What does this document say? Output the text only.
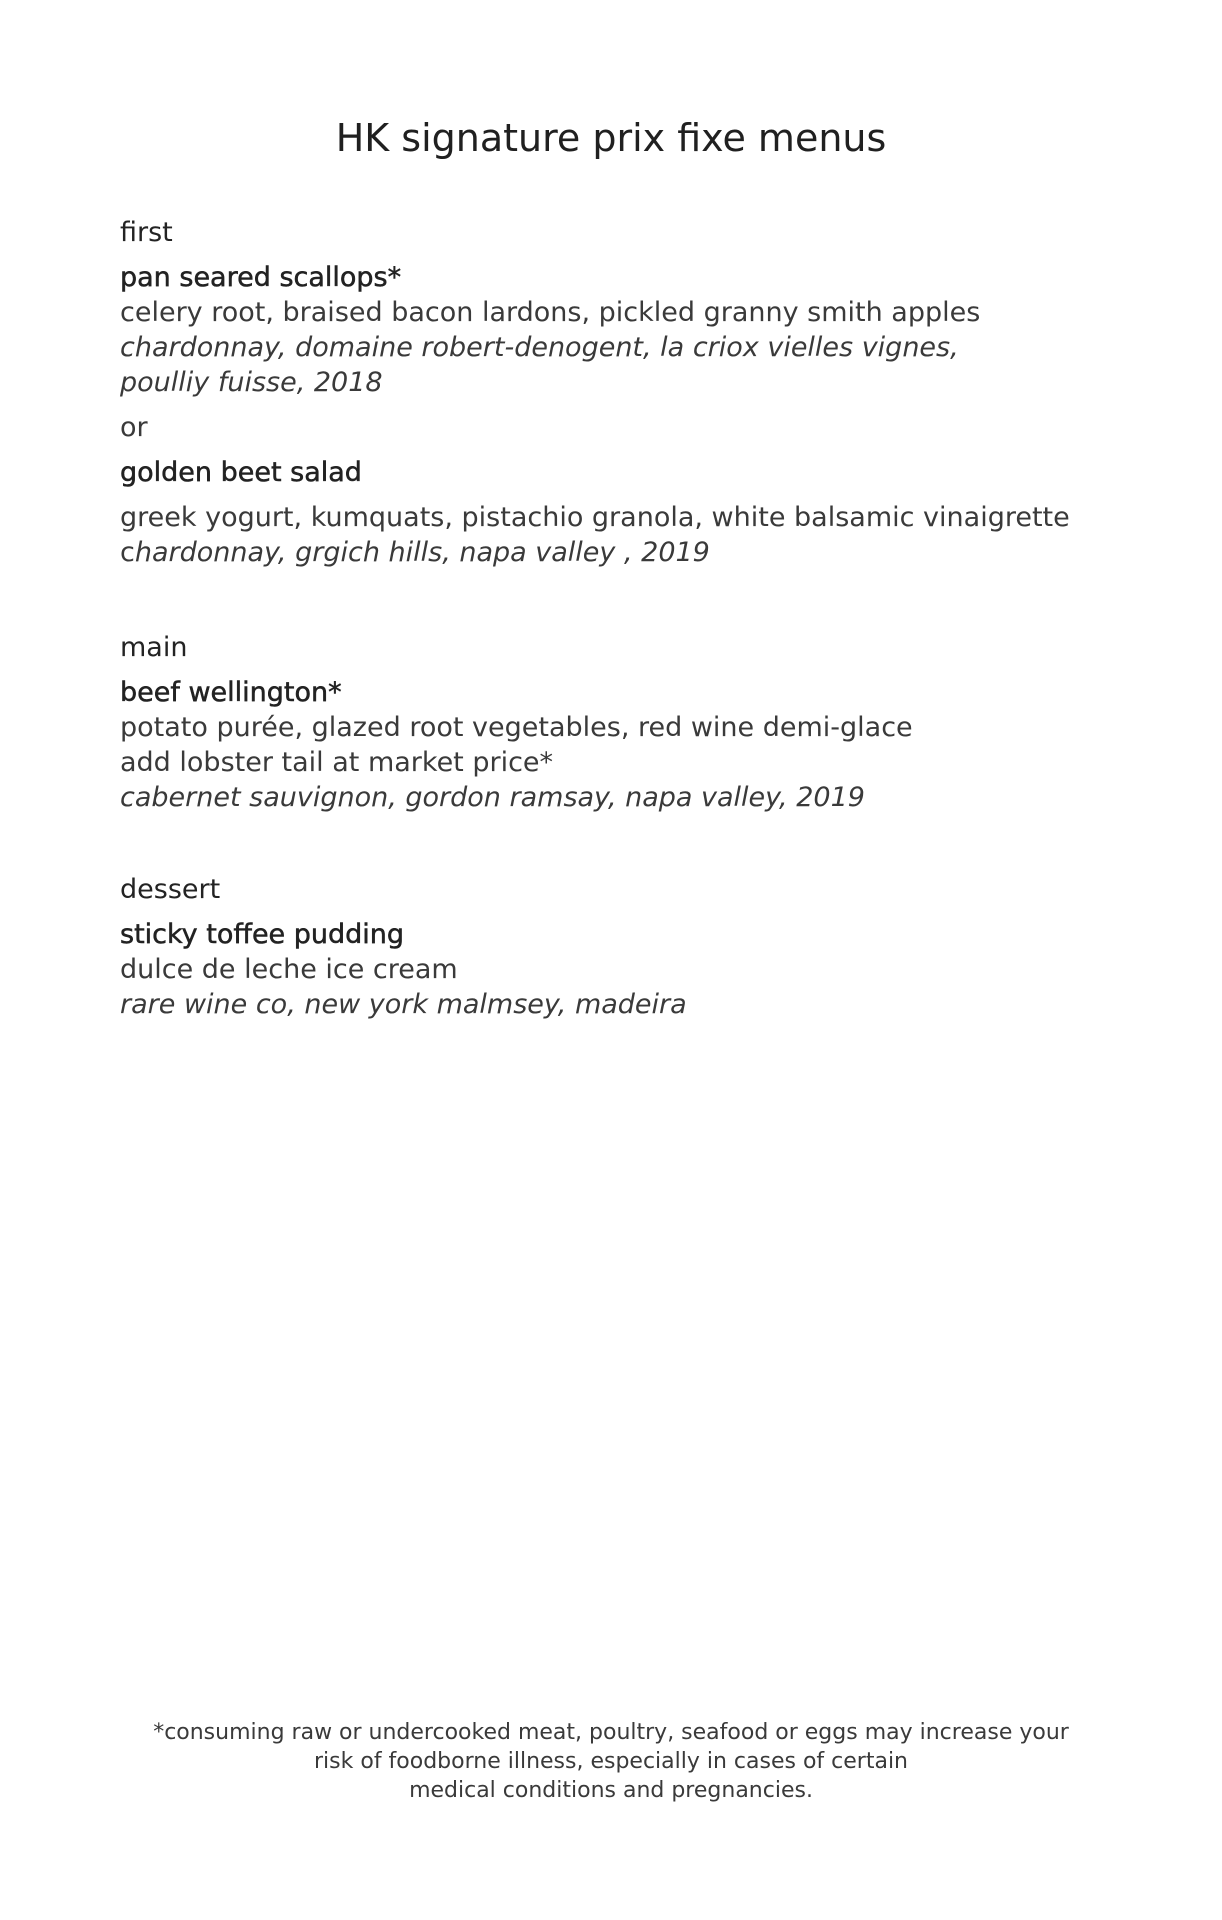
HK signature prix fixe menus
first
pan seared scallops*
celery root, braised bacon lardons, pickled granny smith apples
chardonnay, domaine robert-denogent, la criox vielles vignes,
poulliy fuisse, 2018
or
golden beet salad
greek yogurt, kumquats, pistachio granola, white balsamic vinaigrette
chardonnay, grgich hills, napa valley , 2019
main
beef wellington*
potato purée, glazed root vegetables, red wine demi-glace
add lobster tail at market price*
cabernet sauvignon, gordon ramsay, napa valley, 2019
dessert
sticky toffee pudding
dulce de leche ice cream
rare wine co, new york malmsey, madeira
*consuming raw or undercooked meat, poultry, seafood or eggs may increase your
risk of foodborne illness, especially in cases of certain
medical conditions and pregnancies.
